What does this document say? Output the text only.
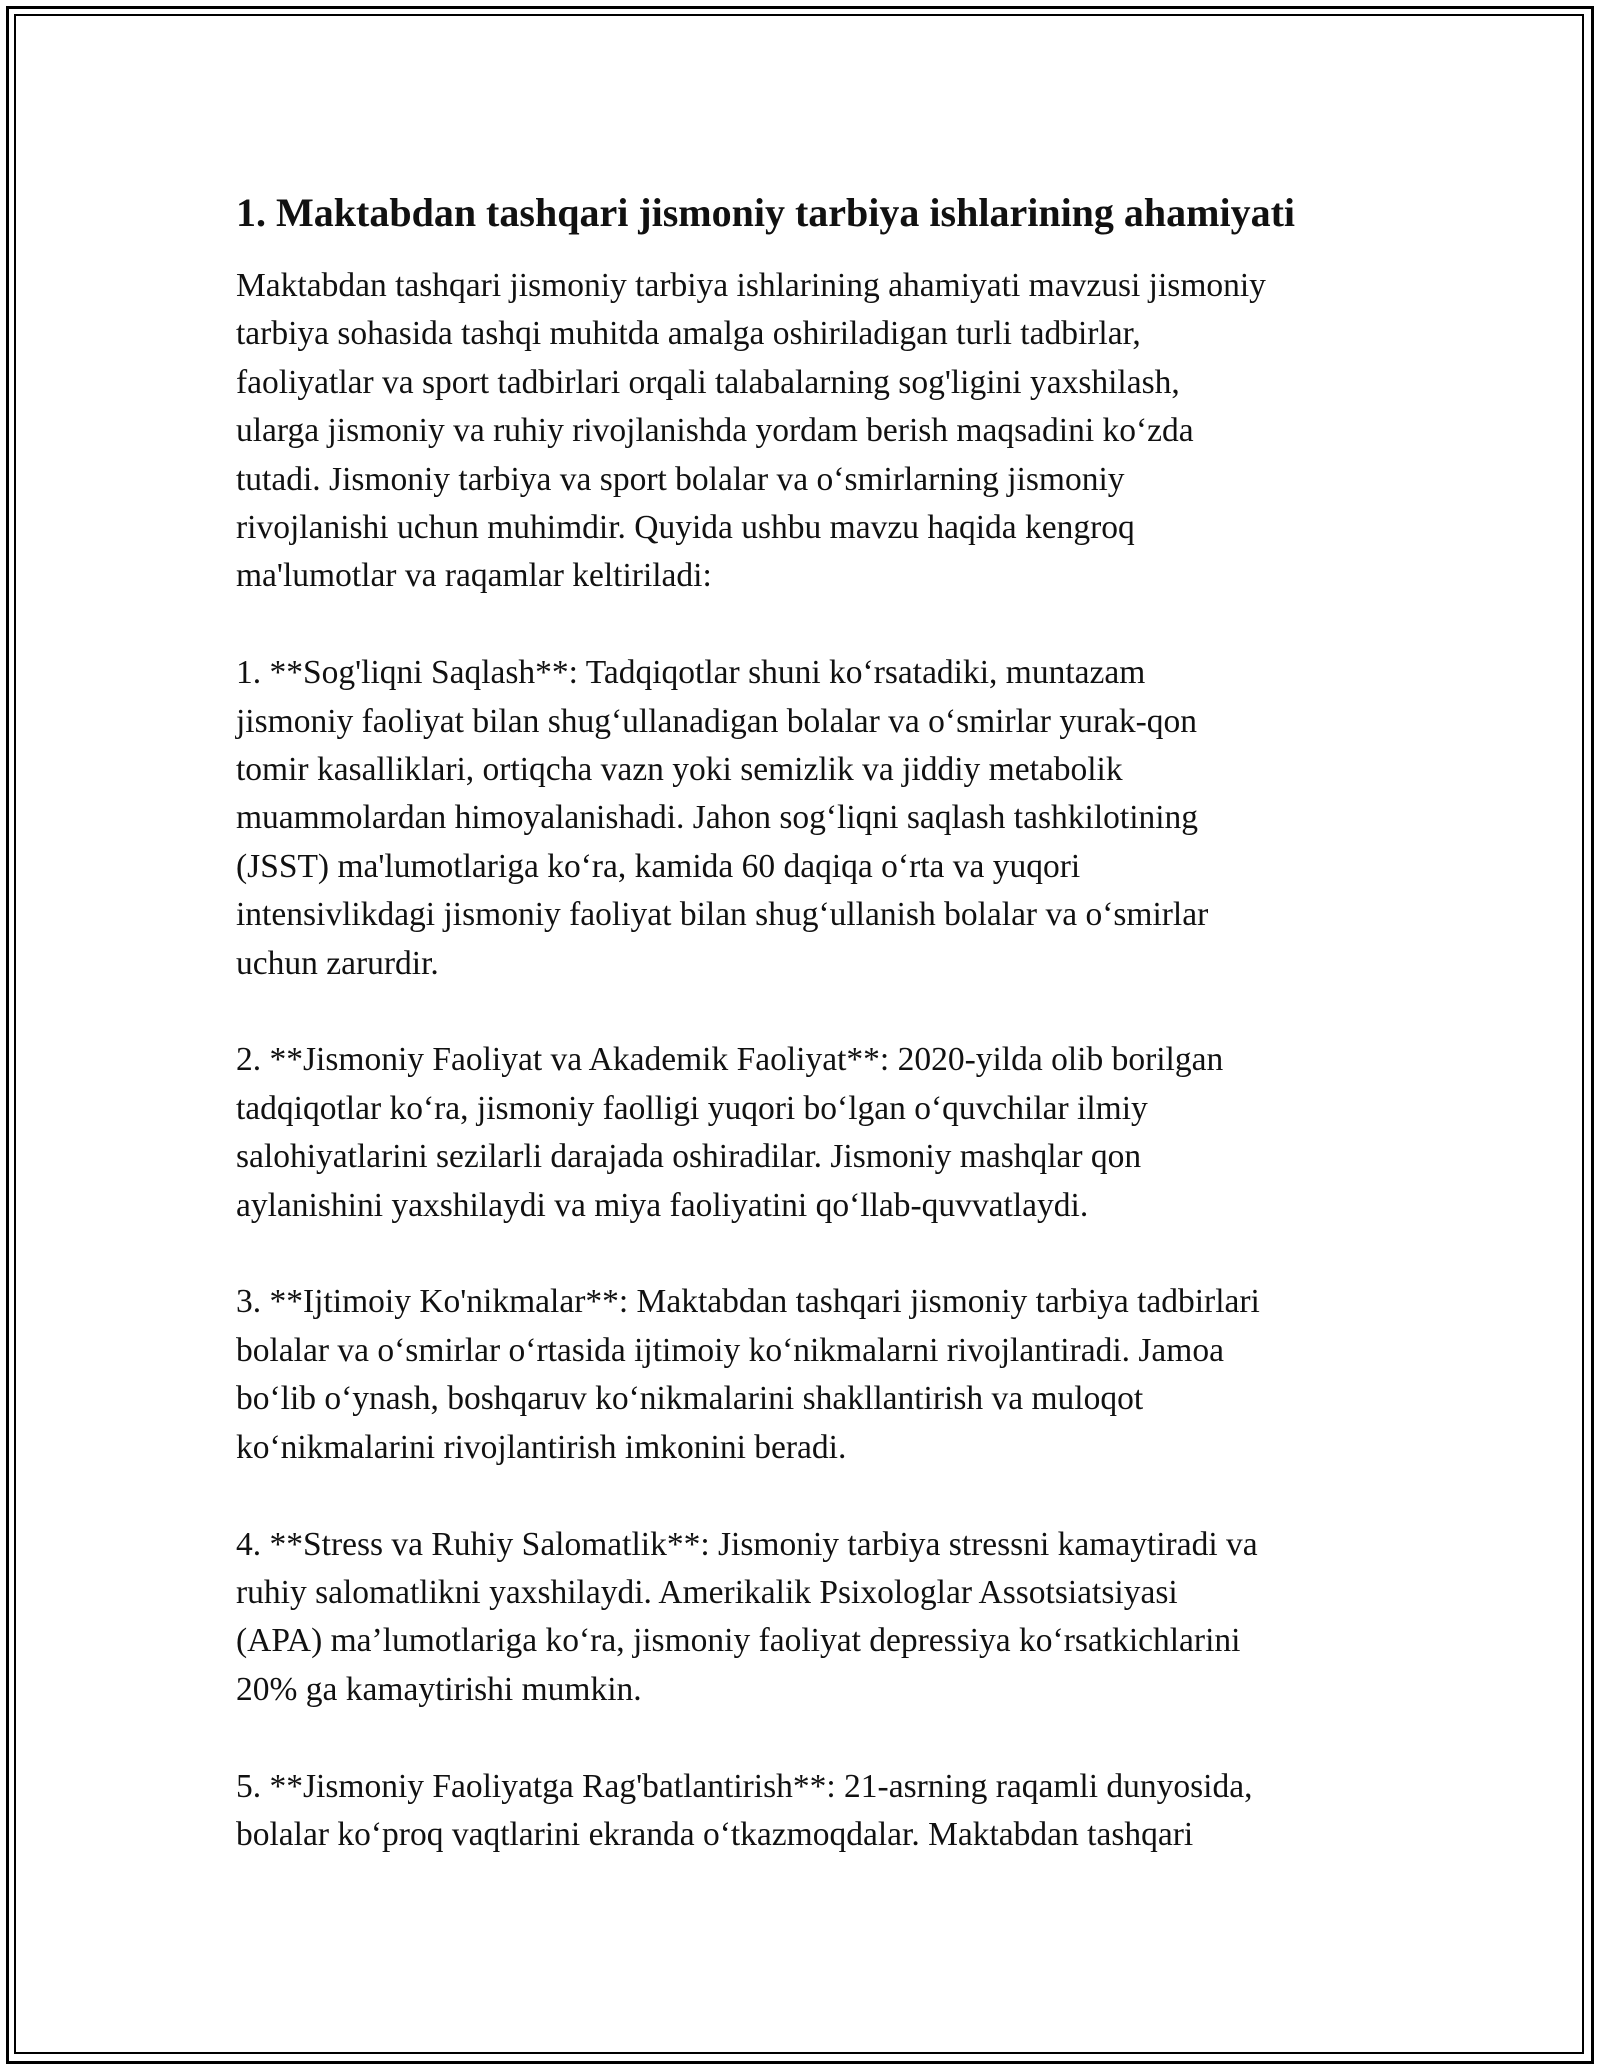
1. Maktabdan tashqari jismoniy tarbiya ishlarining ahamiyati
Maktabdan tashqari jismoniy tarbiya ishlarining ahamiyati mavzusi jismoniy
tarbiya sohasida tashqi muhitda amalga oshiriladigan turli tadbirlar,
faoliyatlar va sport tadbirlari orqali talabalarning sog'ligini yaxshilash,
ularga jismoniy va ruhiy rivojlanishda yordam berish maqsadini ko‘zda
tutadi. Jismoniy tarbiya va sport bolalar va o‘smirlarning jismoniy
rivojlanishi uchun muhimdir. Quyida ushbu mavzu haqida kengroq
ma'lumotlar va raqamlar keltiriladi:
1. **Sog'liqni Saqlash**: Tadqiqotlar shuni ko‘rsatadiki, muntazam
jismoniy faoliyat bilan shug‘ullanadigan bolalar va o‘smirlar yurak-qon
tomir kasalliklari, ortiqcha vazn yoki semizlik va jiddiy metabolik
muammolardan himoyalanishadi. Jahon sog‘liqni saqlash tashkilotining
(JSST) ma'lumotlariga ko‘ra, kamida 60 daqiqa o‘rta va yuqori
intensivlikdagi jismoniy faoliyat bilan shug‘ullanish bolalar va o‘smirlar
uchun zarurdir.
2. **Jismoniy Faoliyat va Akademik Faoliyat**: 2020-yilda olib borilgan
tadqiqotlar ko‘ra, jismoniy faolligi yuqori bo‘lgan o‘quvchilar ilmiy
salohiyatlarini sezilarli darajada oshiradilar. Jismoniy mashqlar qon
aylanishini yaxshilaydi va miya faoliyatini qo‘llab-quvvatlaydi.
3. **Ijtimoiy Ko'nikmalar**: Maktabdan tashqari jismoniy tarbiya tadbirlari
bolalar va o‘smirlar o‘rtasida ijtimoiy ko‘nikmalarni rivojlantiradi. Jamoa
bo‘lib o‘ynash, boshqaruv ko‘nikmalarini shakllantirish va muloqot
ko‘nikmalarini rivojlantirish imkonini beradi.
4. **Stress va Ruhiy Salomatlik**: Jismoniy tarbiya stressni kamaytiradi va
ruhiy salomatlikni yaxshilaydi. Amerikalik Psixologlar Assotsiatsiyasi
(APA) ma’lumotlariga ko‘ra, jismoniy faoliyat depressiya ko‘rsatkichlarini
20% ga kamaytirishi mumkin.
5. **Jismoniy Faoliyatga Rag'batlantirish**: 21-asrning raqamli dunyosida,
bolalar ko‘proq vaqtlarini ekranda o‘tkazmoqdalar. Maktabdan tashqari
